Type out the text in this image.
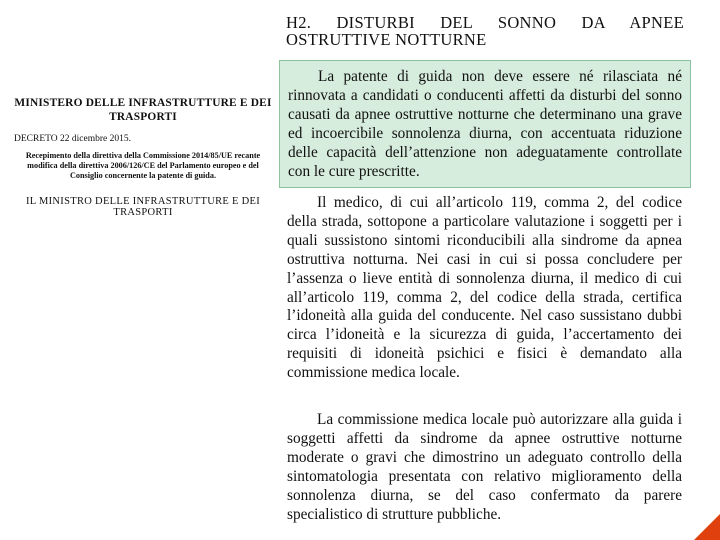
MINISTERO DELLE INFRASTRUTTURE E DEI TRASPORTI
DECRETO 22 dicembre 2015.
Recepimento della direttiva della Commissione 2014/85/UE recante modifica della direttiva 2006/126/CE del Parlamento europeo e del Consiglio concernente la patente di guida.
IL MINISTRO DELLE INFRASTRUTTURE E DEI TRASPORTI
H2. DISTURBI DEL SONNO DA APNEE
OSTRUTTIVE NOTTURNE

La patente di guida non deve essere né rilasciata né rinnovata a candidati o conducenti affetti da disturbi del sonno causati da apnee ostruttive notturne che determinano una grave ed incoercibile sonnolenza diurna, con accentuata riduzione delle capacità dell’attenzione non adeguatamente controllate con le cure prescritte.

Il medico, di cui all’articolo 119, comma 2, del codice della strada, sottopone a particolare valutazione i soggetti per i quali sussistono sintomi riconducibili alla sindrome da apnea ostruttiva notturna. Nei casi in cui si possa concludere per l’assenza o lieve entità di sonnolenza diurna, il medico di cui all’articolo 119, comma 2, del codice della strada, certifica l’idoneità alla guida del conducente. Nel caso sussistano dubbi circa l’idoneità e la sicurezza di guida, l’accertamento dei requisiti di idoneità psichici e fisici è demandato alla commissione medica locale.

La commissione medica locale può autorizzare alla guida i soggetti affetti da sindrome da apnee ostruttive notturne moderate o gravi che dimostrino un adeguato controllo della sintomatologia presentata con relativo miglioramento della sonnolenza diurna, se del caso confermato da parere specialistico di strutture pubbliche.
